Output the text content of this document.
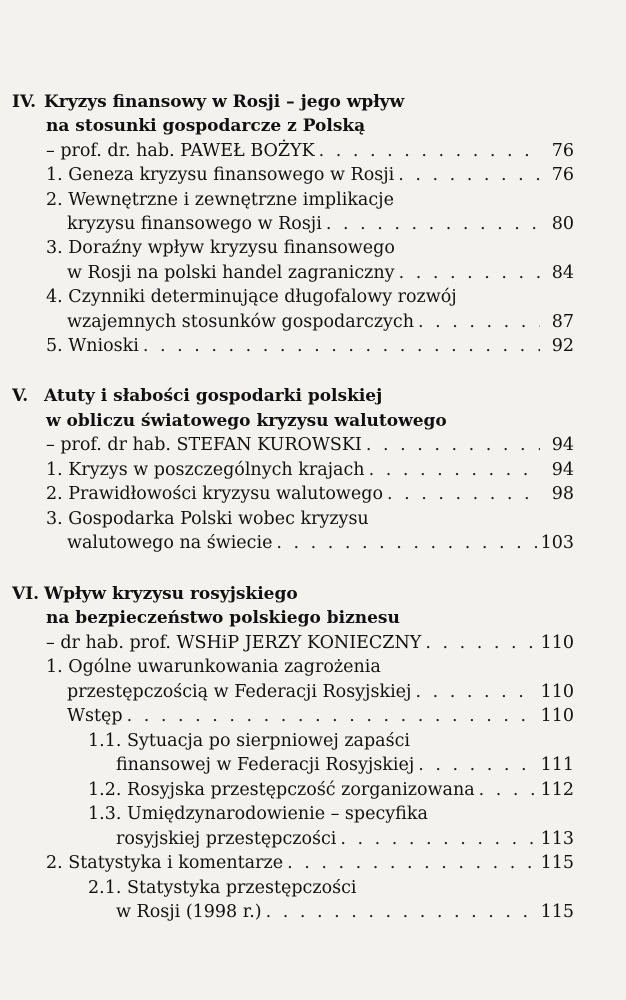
IV. Kryzys finansowy w Rosji – jego wpływ
na stosunki gospodarcze z Polską
– prof. dr. hab. PAWEŁ BOŻYK . . .	76
1. Geneza kryzysu finansowego w Rosji . . .	76
2. Wewnętrzne i zewnętrzne implikacje
kryzysu finansowego w Rosji . . .	80
3. Doraźny wpływ kryzysu finansowego
w Rosji na polski handel zagraniczny . . .	84
4. Czynniki determinujące długofalowy rozwój
wzajemnych stosunków gospodarczych . . .	87
5. Wnioski . . .	92
V. Atuty i słabości gospodarki polskiej
w obliczu światowego kryzysu walutowego
– prof. dr hab. STEFAN KUROWSKI . . .	94
1. Kryzys w poszczególnych krajach . . .	94
2. Prawidłowości kryzysu walutowego . . .	98
3. Gospodarka Polski wobec kryzysu
walutowego na świecie . . .	103
VI. Wpływ kryzysu rosyjskiego
na bezpieczeństwo polskiego biznesu
– dr hab. prof. WSHiP JERZY KONIECZNY . . .	110
1. Ogólne uwarunkowania zagrożenia
przestępczością w Federacji Rosyjskiej . . .	110
Wstęp . . .	110
1.1. Sytuacja po sierpniowej zapaści
finansowej w Federacji Rosyjskiej . . .	111
1.2. Rosyjska przestępczość zorganizowana . . .	112
1.3. Umiędzynarodowienie – specyfika
rosyjskiej przestępczości . . .	113
2. Statystyka i komentarze . . .	115
2.1. Statystyka przestępczości
w Rosji (1998 r.) . . .	115
